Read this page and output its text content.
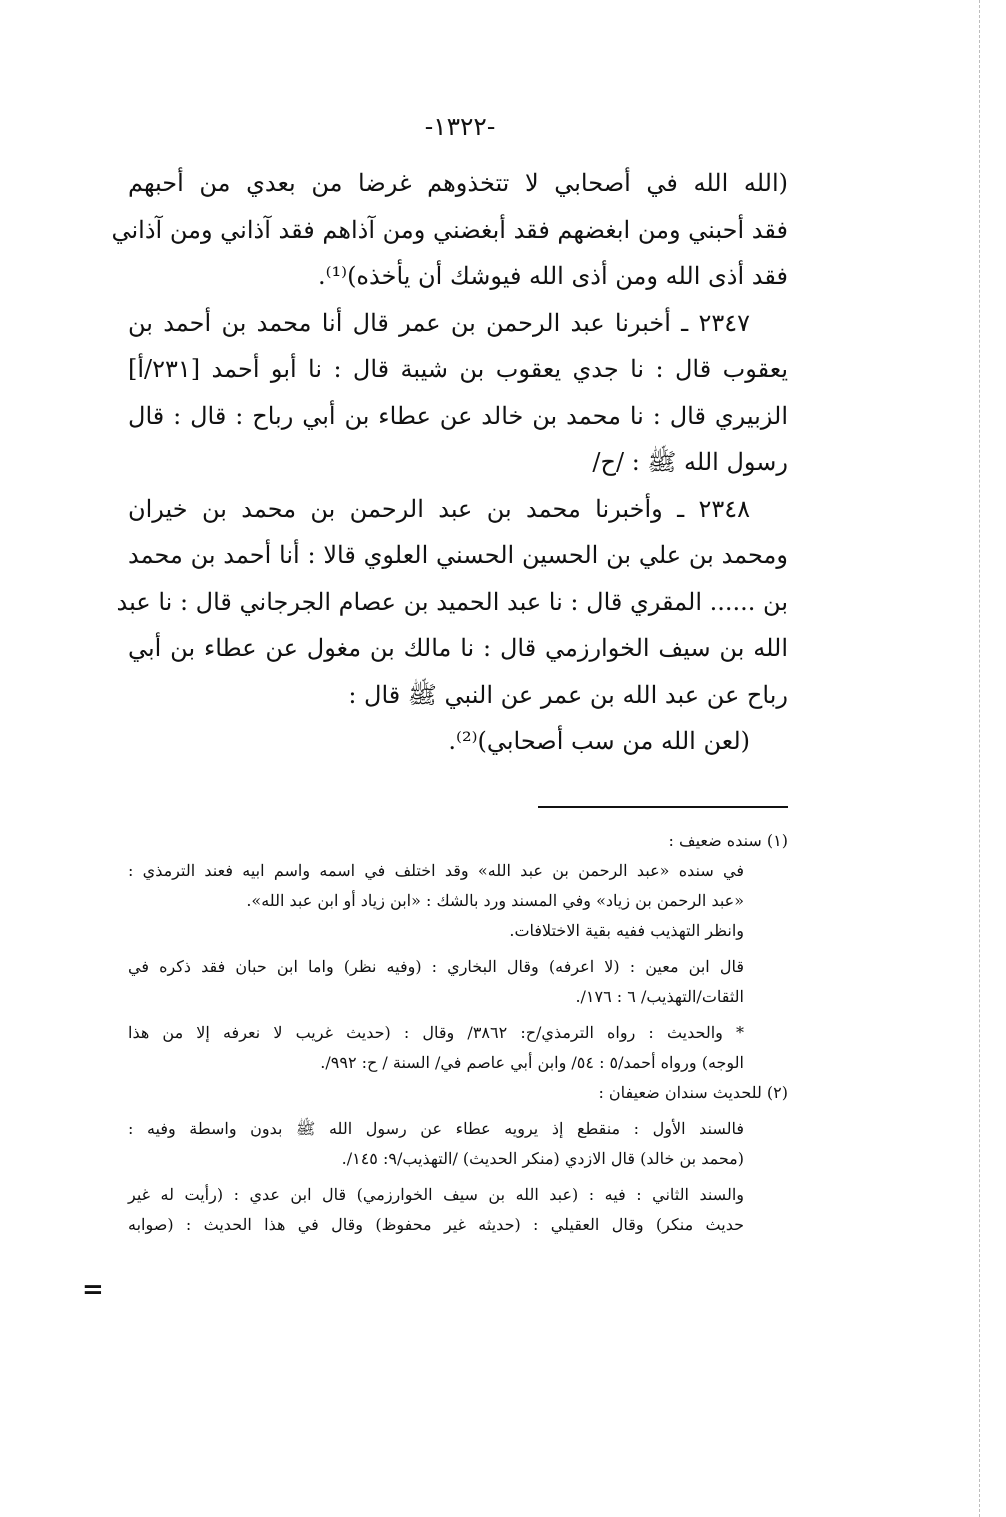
-١٣٢٢-
(الله الله في أصحابي لا تتخذوهم غرضا من بعدي من أحبهم
فقد أحبني ومن ابغضهم فقد أبغضني ومن آذاهم فقد آذاني ومن آذاني
فقد أذى الله ومن أذى الله فيوشك أن يأخذه)⁽¹⁾.
٢٣٤٧ ـ أخبرنا عبد الرحمن بن عمر قال أنا محمد بن أحمد بن
يعقوب قال : نا جدي يعقوب بن شيبة قال : نا أبو أحمد [٢٣١/أ]
الزبيري قال : نا محمد بن خالد عن عطاء بن أبي رباح : قال : قال
رسول الله ﷺ : /ح/
٢٣٤٨ ـ وأخبرنا محمد بن عبد الرحمن بن محمد بن خيران
ومحمد بن علي بن الحسين الحسني العلوي قالا : أنا أحمد بن محمد
بن ...... المقري قال : نا عبد الحميد بن عصام الجرجاني قال : نا عبد
الله بن سيف الخوارزمي قال : نا مالك بن مغول عن عطاء بن أبي
رباح عن عبد الله بن عمر عن النبي ﷺ قال :
(لعن الله من سب أصحابي)⁽²⁾.
(١) سنده ضعيف :
في سنده «عبد الرحمن بن عبد الله» وقد اختلف في اسمه واسم ابيه فعند الترمذي :
«عبد الرحمن بن زياد» وفي المسند ورد بالشك : «ابن زياد أو ابن عبد الله».
وانظر التهذيب ففيه بقية الاختلافات.
قال ابن معين : (لا اعرفه) وقال البخاري : (وفيه نظر) واما ابن حبان فقد ذكره في
الثقات/التهذيب/ ٦ : ١٧٦/.
* والحديث : رواه الترمذي/ح: ٣٨٦٢/ وقال : (حديث غريب لا نعرفه إلا من هذا
الوجه) ورواه أحمد/٥ : ٥٤/ وابن أبي عاصم في/ السنة / ح: ٩٩٢/.
(٢) للحديث سندان ضعيفان :
فالسند الأول : منقطع إذ يرويه عطاء عن رسول الله ﷺ بدون واسطة وفيه :
(محمد بن خالد) قال الازدي (منكر الحديث) /التهذيب/٩: ١٤٥/.
والسند الثاني : فيه : (عبد الله بن سيف الخوارزمي) قال ابن عدي : (رأيت له غير
حديث منكر) وقال العقيلي : (حديثه غير محفوظ) وقال في هذا الحديث : (صوابه
=
